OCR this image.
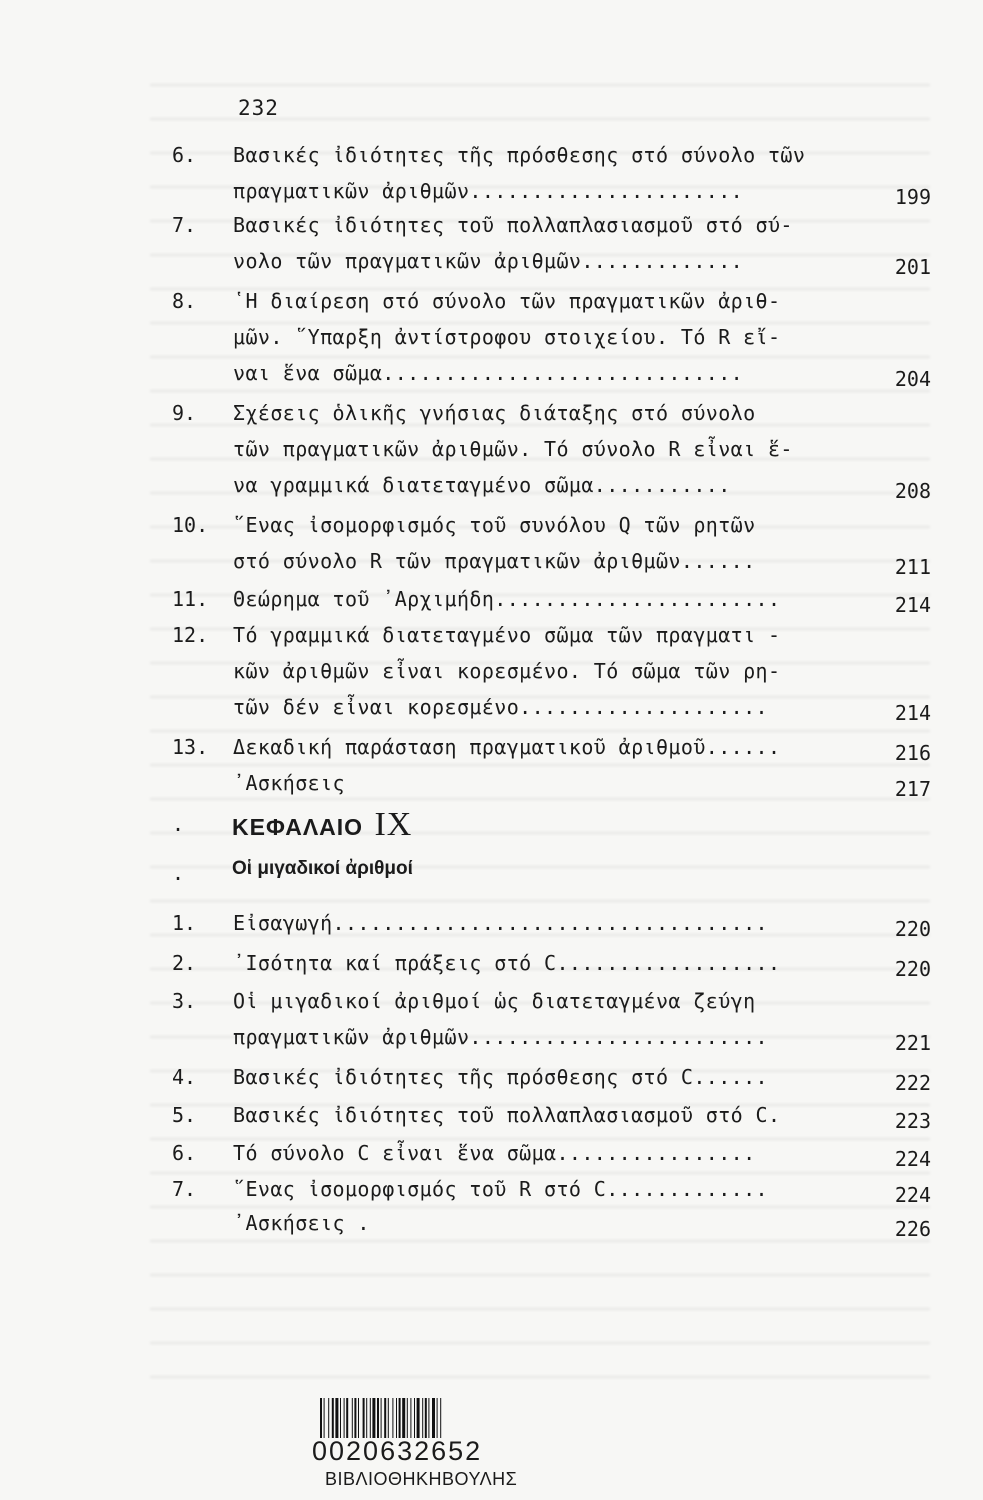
232
6. Βασικές ἰδιότητες τῆς πρόσθεσης στό σύνολο τῶν
πραγματικῶν ἀριθμῶν......................	199
7. Βασικές ἰδιότητες τοῦ πολλαπλασιασμοῦ στό σύ-
νολο τῶν πραγματικῶν ἀριθμῶν.............	201
8. ῾Η διαίρεση στό σύνολο τῶν πραγματικῶν ἀριθ-
μῶν. ῞Υπαρξη ἀντίστροφου στοιχείου. Τό R εἴ-
ναι ἕνα σῶμα.............................	204
9. Σχέσεις ὁλικῆς γνήσιας διάταξης στό σύνολο
τῶν πραγματικῶν ἀριθμῶν. Τό σύνολο R εἶναι ἕ-
να γραμμικά διατεταγμένο σῶμα...........	208
10. ῞Ενας ἰσομορφισμός τοῦ συνόλου Q τῶν ρητῶν
στό σύνολο R τῶν πραγματικῶν ἀριθμῶν......	211
11. Θεώρημα τοῦ ᾽Αρχιμήδη.......................	214
12. Τό γραμμικά διατεταγμένο σῶμα τῶν πραγματι -
κῶν ἀριθμῶν εἶναι κορεσμένο. Τό σῶμα τῶν ρη-
τῶν δέν εἶναι κορεσμένο....................	214
13. Δεκαδική παράσταση πραγματικοῦ ἀριθμοῦ......	216
᾽Ασκήσεις	217
1. Εἰσαγωγή...................................	220
2. ᾽Ισότητα καί πράξεις στό C..................	220
3. Οἱ μιγαδικοί ἀριθμοί ὡς διατεταγμένα ζεύγη
πραγματικῶν ἀριθμῶν........................	221
4. Βασικές ἰδιότητες τῆς πρόσθεσης στό C......	222
5. Βασικές ἰδιότητες τοῦ πολλαπλασιασμοῦ στό C.	223
6. Τό σύνολο C εἶναι ἕνα σῶμα................	224
7. ῞Ενας ἰσομορφισμός τοῦ R στό C.............	224
᾽Ασκήσεις .	226
. ΚΕΦΑΛΑΙΟ IX
.	Οἱ μιγαδικοί ἀριθμοί
0020632652
ΒΙΒΛΙΟΘΗΚΗΒΟΥΛΗΣ
